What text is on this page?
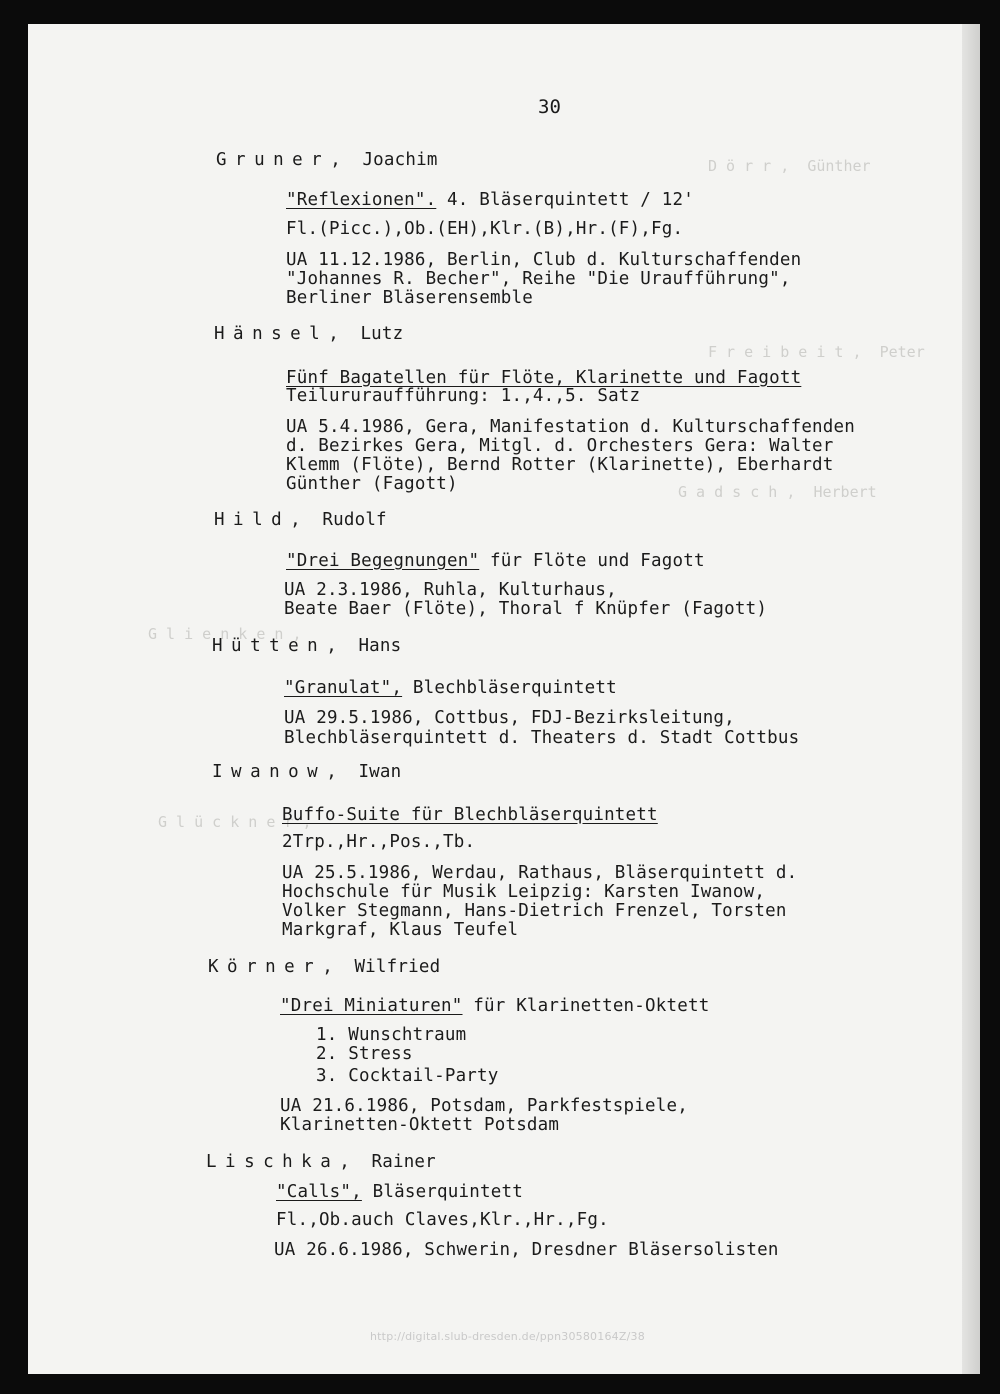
D ö r r ,  Günther
F r e i b e i t ,  Peter
G a d s c h ,  Herbert
G l i e n k e n ,
G l ü c k n e r ,
30
Gruner,  Joachim
"Reflexionen". 4. Bläserquintett / 12'
Fl.(Picc.),Ob.(EH),Klr.(B),Hr.(F),Fg.
UA 11.12.1986, Berlin, Club d. Kulturschaffenden
"Johannes R. Becher", Reihe "Die Uraufführung",
Berliner Bläserensemble
Hänsel,  Lutz
Fünf Bagatellen für Flöte, Klarinette und Fagott
Teilururaufführung: 1.,4.,5. Satz
UA 5.4.1986, Gera, Manifestation d. Kulturschaffenden
d. Bezirkes Gera, Mitgl. d. Orchesters Gera: Walter
Klemm (Flöte), Bernd Rotter (Klarinette), Eberhardt
Günther (Fagott)
Hild,  Rudolf
"Drei Begegnungen" für Flöte und Fagott
UA 2.3.1986, Ruhla, Kulturhaus,
Beate Baer (Flöte), Thoral f Knüpfer (Fagott)
Hütten,  Hans
"Granulat", Blechbläserquintett
UA 29.5.1986, Cottbus, FDJ-Bezirksleitung,
Blechbläserquintett d. Theaters d. Stadt Cottbus
Iwanow,  Iwan
Buffo-Suite für Blechbläserquintett
2Trp.,Hr.,Pos.,Tb.
UA 25.5.1986, Werdau, Rathaus, Bläserquintett d.
Hochschule für Musik Leipzig: Karsten Iwanow,
Volker Stegmann, Hans-Dietrich Frenzel, Torsten
Markgraf, Klaus Teufel
Körner,  Wilfried
"Drei Miniaturen" für Klarinetten-Oktett
1. Wunschtraum
2. Stress
3. Cocktail-Party
UA 21.6.1986, Potsdam, Parkfestspiele,
Klarinetten-Oktett Potsdam
Lischka,  Rainer
"Calls", Bläserquintett
Fl.,Ob.auch Claves,Klr.,Hr.,Fg.
UA 26.6.1986, Schwerin, Dresdner Bläsersolisten
http://digital.slub-dresden.de/ppn30580164Z/38
